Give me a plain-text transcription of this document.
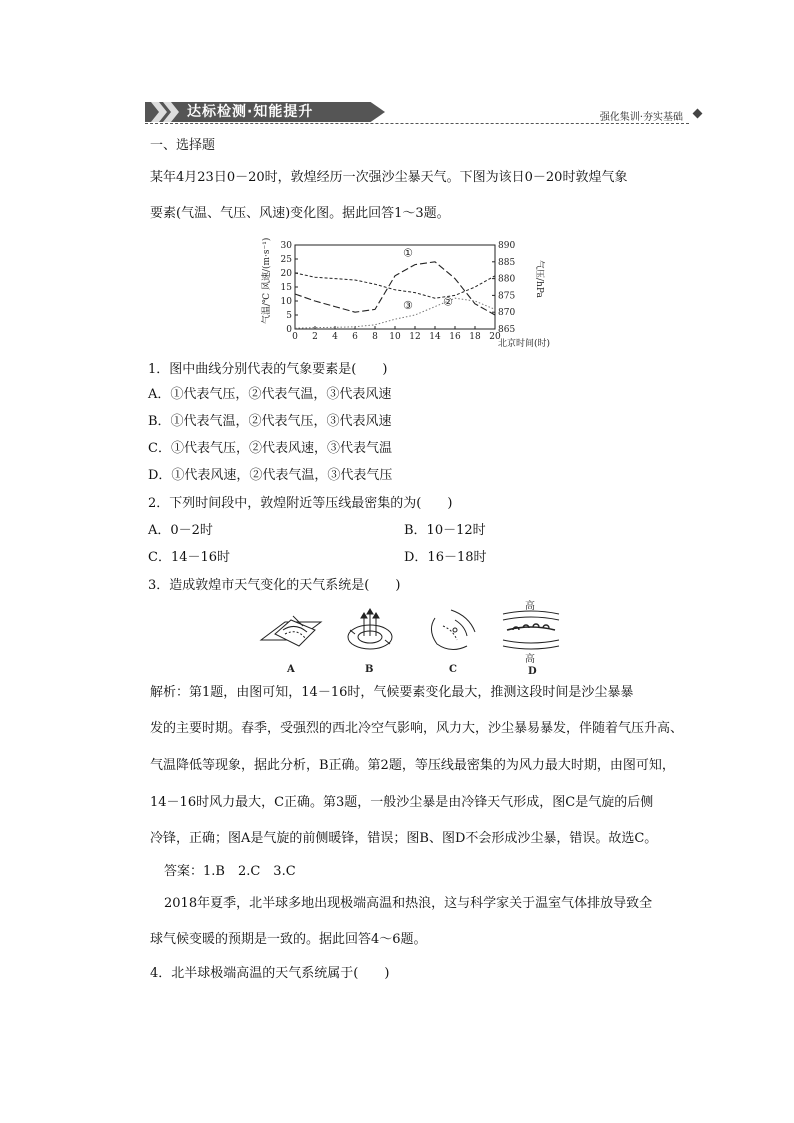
达标检测·知能提升	强化集训·夯实基础
一、选择题
某年4月23日0－20时，敦煌经历一次强沙尘暴天气。下图为该日0－20时敦煌气象
要素(气温、气压、风速)变化图。据此回答1～3题。
0 2 4 6 8 10 12 14 16 18 20
0
5
10
15
20
25
30
865
870
875
880
885
890
①
②
③
气温/℃ 风速/(m·s⁻¹)	气压/hPa
北京时间(时)
1．图中曲线分别代表的气象要素是(　　)
A．①代表气压，②代表气温，③代表风速
B．①代表气温，②代表气压，③代表风速
C．①代表气压，②代表风速，③代表气温
D．①代表风速，②代表气温，③代表气压
2．下列时间段中，敦煌附近等压线最密集的为(　　)
A．0－2时	B．10－12时
C．14－16时	D．16－18时
3．造成敦煌市天气变化的天气系统是(　　)
A	B	C
高
高
D
解析：第1题，由图可知，14－16时，气候要素变化最大，推测这段时间是沙尘暴暴
发的主要时期。春季，受强烈的西北冷空气影响，风力大，沙尘暴易暴发，伴随着气压升高、
气温降低等现象，据此分析，B正确。第2题，等压线最密集的为风力最大时期，由图可知，
14－16时风力最大，C正确。第3题，一般沙尘暴是由冷锋天气形成，图C是气旋的后侧
冷锋，正确；图A是气旋的前侧暖锋，错误；图B、图D不会形成沙尘暴，错误。故选C。
答案：1.B　2.C　3.C
2018年夏季，北半球多地出现极端高温和热浪，这与科学家关于温室气体排放导致全
球气候变暖的预期是一致的。据此回答4～6题。
4．北半球极端高温的天气系统属于(　　)
